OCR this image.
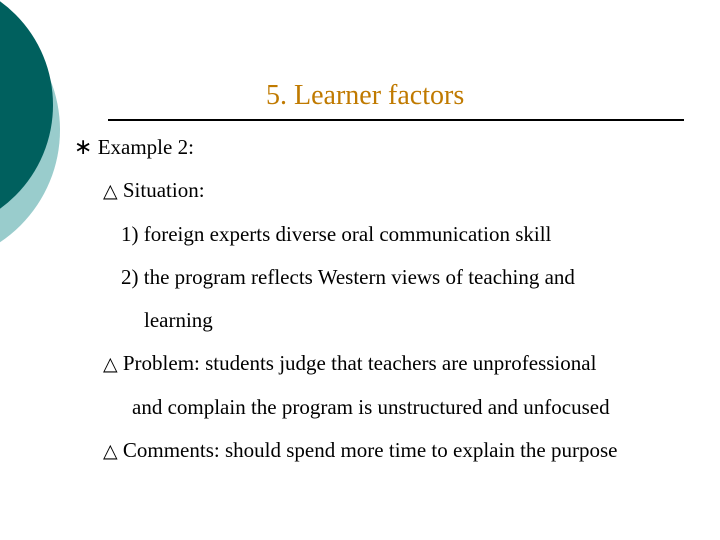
5. Learner factors
∗ Example 2:
△ Situation:
1) foreign experts diverse oral communication skill
2) the program reflects Western views of teaching and
learning
△ Problem: students judge that teachers are unprofessional
and complain the program is unstructured and unfocused
△ Comments: should spend more time to explain the purpose
